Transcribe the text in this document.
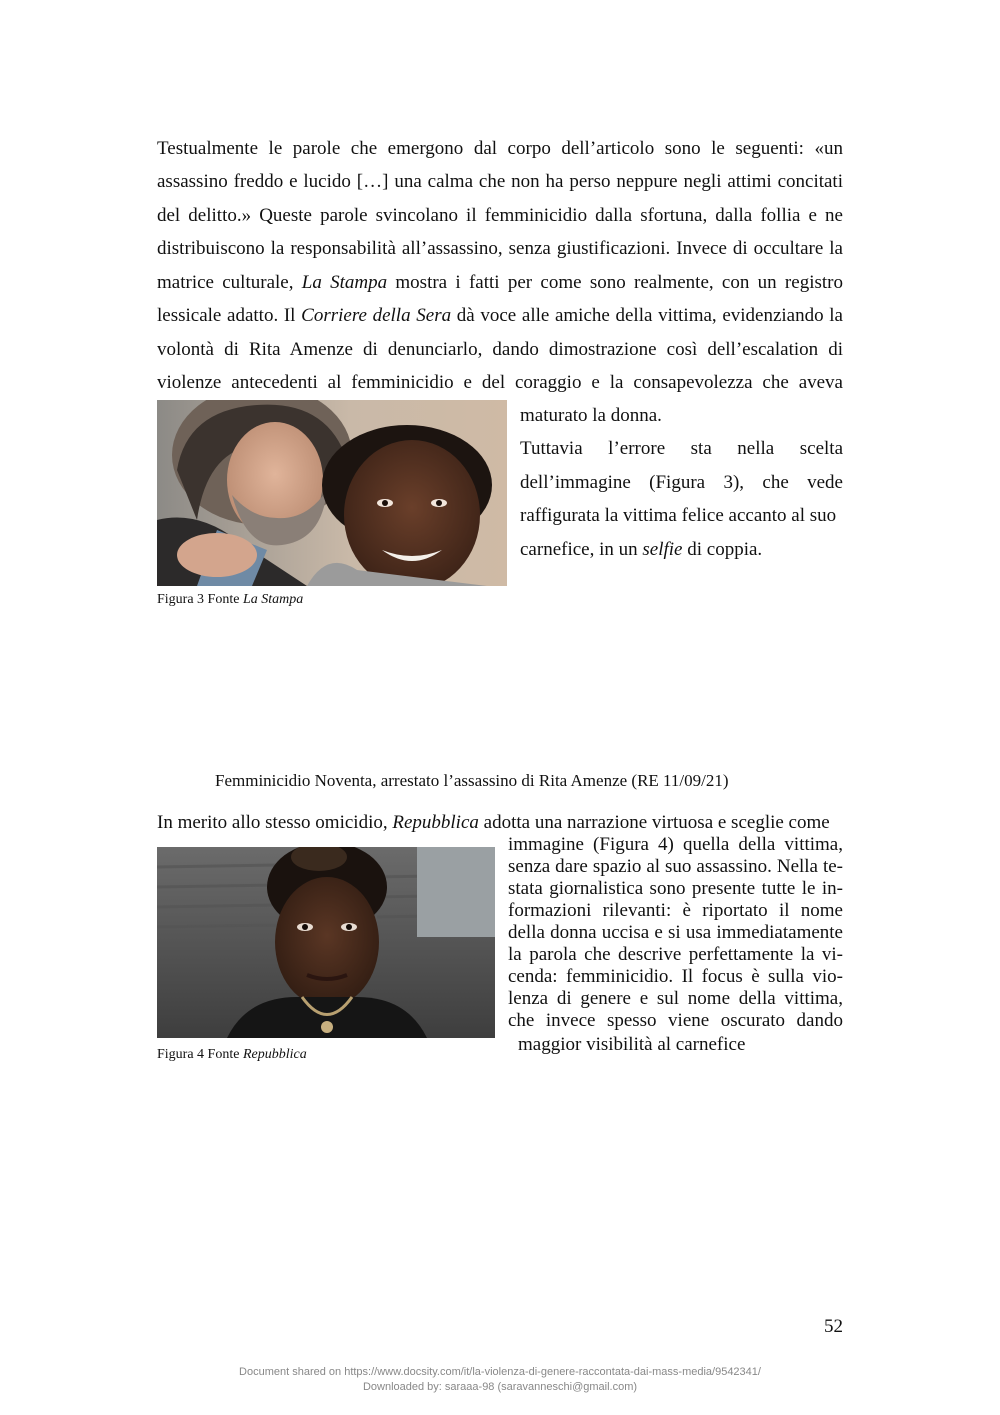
Testualmente le parole che emergono dal corpo dell’articolo sono le seguenti: «un
assassino freddo e lucido […] una calma che non ha perso neppure negli attimi concitati
del delitto.» Queste parole svincolano il femminicidio dalla sfortuna, dalla follia e ne
distribuiscono la responsabilità all’assassino, senza giustificazioni. Invece di occultare la
matrice culturale, La Stampa mostra i fatti per come sono realmente, con un registro
lessicale adatto. Il Corriere della Sera dà voce alle amiche della vittima, evidenziando la
volontà di Rita Amenze di denunciarlo, dando dimostrazione così dell’escalation di
violenze antecedenti al femminicidio e del coraggio e la consapevolezza che aveva
maturato la donna.
Tuttavia l’errore sta nella scelta
dell’immagine (Figura 3), che vede
raffigurata la vittima felice accanto al suo
carnefice, in un selfie di coppia.
Figura 3 Fonte La Stampa
Femminicidio Noventa, arrestato l’assassino di Rita Amenze (RE 11/09/21)
In merito allo stesso omicidio, Repubblica adotta una narrazione virtuosa e sceglie come
immagine (Figura 4) quella della vittima,
senza dare spazio al suo assassino. Nella te-
stata giornalistica sono presente tutte le in-
formazioni rilevanti: è riportato il nome
della donna uccisa e si usa immediatamente
la parola che descrive perfettamente la vi-
cenda: femminicidio. Il focus è sulla vio-
lenza di genere e sul nome della vittima,
che invece spesso viene oscurato dando
maggior visibilità al carnefice
Figura 4 Fonte Repubblica
52
Document shared on https://www.docsity.com/it/la-violenza-di-genere-raccontata-dai-mass-media/9542341/
Downloaded by: saraaa-98 (saravanneschi@gmail.com)
